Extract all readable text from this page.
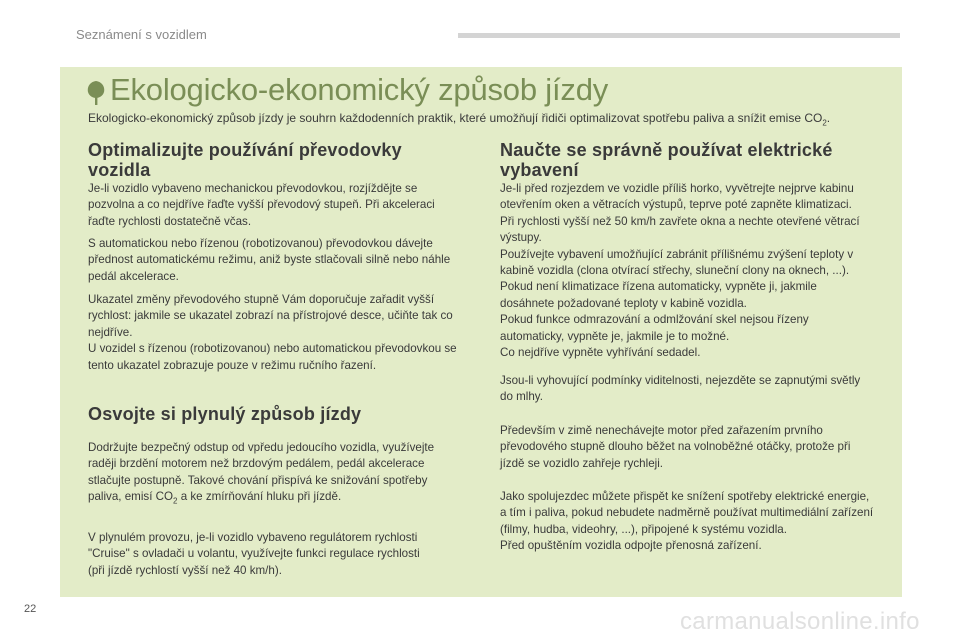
Seznámení s vozidlem
Ekologicko-ekonomický způsob jízdy
Ekologicko-ekonomický způsob jízdy je souhrn každodenních praktik, které umožňují řidiči optimalizovat spotřebu paliva a snížit emise $CO_2$.
Optimalizujte používání převodovky
vozidla

Je-li vozidlo vybaveno mechanickou převodovkou, rozjíždějte se
pozvolna a co nejdříve řaďte vyšší převodový stupeň. Při akceleraci
řaďte rychlosti dostatečně včas.

S automatickou nebo řízenou (robotizovanou) převodovkou dávejte
přednost automatickému režimu, aniž byste stlačovali silně nebo náhle
pedál akcelerace.

Ukazatel změny převodového stupně Vám doporučuje zařadit vyšší
rychlost: jakmile se ukazatel zobrazí na přístrojové desce, učiňte tak co
nejdříve.
U vozidel s řízenou (robotizovanou) nebo automatickou převodovkou se
tento ukazatel zobrazuje pouze v režimu ručního řazení.

Osvojte si plynulý způsob jízdy

Dodržujte bezpečný odstup od vpředu jedoucího vozidla, využívejte
raději brzdění motorem než brzdovým pedálem, pedál akcelerace
stlačujte postupně. Takové chování přispívá ke snižování spotřeby
paliva, emisí $CO_2$ a ke zmírňování hluku při jízdě.

V plynulém provozu, je-li vozidlo vybaveno regulátorem rychlosti
"Cruise" s ovladači u volantu, využívejte funkci regulace rychlosti
(při jízdě rychlostí vyšší než 40 km/h).

Naučte se správně používat elektrické
vybavení

Je-li před rozjezdem ve vozidle příliš horko, vyvětrejte nejprve kabinu
otevřením oken a větracích výstupů, teprve poté zapněte klimatizaci.
Při rychlosti vyšší než 50 km/h zavřete okna a nechte otevřené větrací
výstupy.
Používejte vybavení umožňující zabránit přílišnému zvýšení teploty v
kabině vozidla (clona otvírací střechy, sluneční clony na oknech, ...).
Pokud není klimatizace řízena automaticky, vypněte ji, jakmile
dosáhnete požadované teploty v kabině vozidla.
Pokud funkce odmrazování a odmlžování skel nejsou řízeny
automaticky, vypněte je, jakmile je to možné.
Co nejdříve vypněte vyhřívání sedadel.

Jsou-li vyhovující podmínky viditelnosti, nejezděte se zapnutými světly
do mlhy.

Především v zimě nenechávejte motor před zařazením prvního
převodového stupně dlouho běžet na volnoběžné otáčky, protože při
jízdě se vozidlo zahřeje rychleji.

Jako spolujezdec můžete přispět ke snížení spotřeby elektrické energie,
a tím i paliva, pokud nebudete nadměrně používat multimediální zařízení
(filmy, hudba, videohry, ...), připojené k systému vozidla.
Před opuštěním vozidla odpojte přenosná zařízení.

22	carmanualsonline.info
